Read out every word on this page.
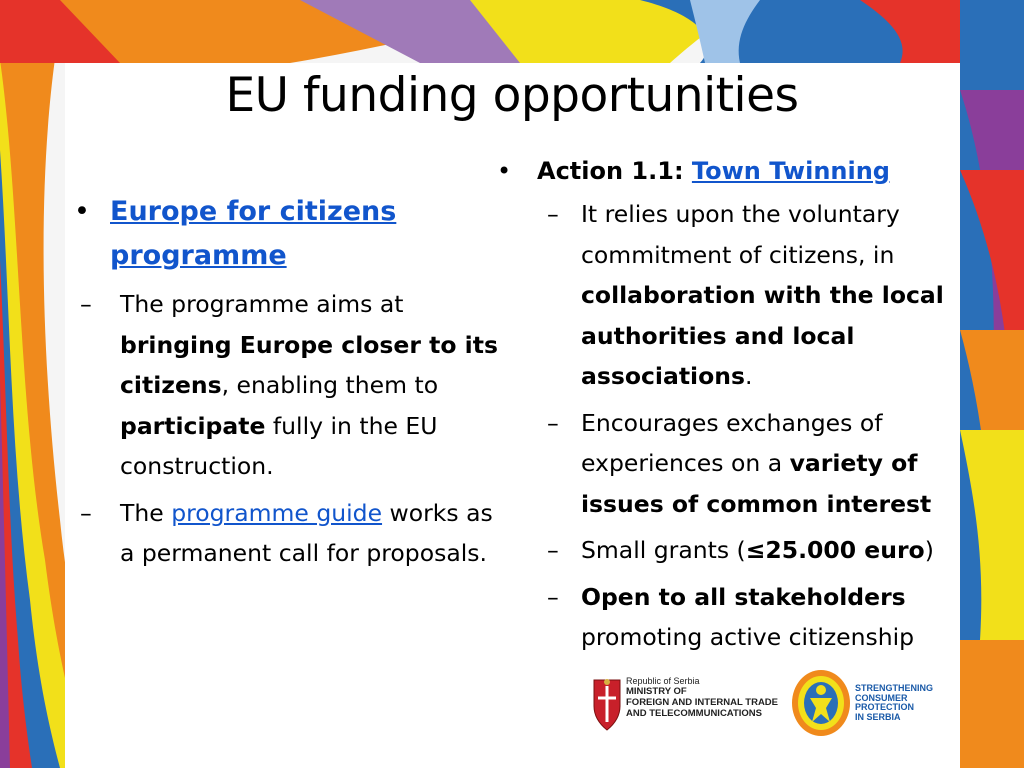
EU funding opportunities
• Europe for citizens programme
– The programme aims at bringing Europe closer to its citizens, enabling them to participate fully in the EU construction.
– The programme guide works as a permanent call for proposals.
• Action 1.1: Town Twinning
– It relies upon the voluntary commitment of citizens, in collaboration with the local authorities and local associations.
– Encourages exchanges of experiences on a variety of issues of common interest
– Small grants (≤25.000 euro)
– Open to all stakeholders promoting active citizenship
Republic of Serbia
MINISTRY OF
FOREIGN AND INTERNAL TRADE
AND TELECOMMUNICATIONS
STRENGTHENING
CONSUMER
PROTECTION
IN SERBIA
